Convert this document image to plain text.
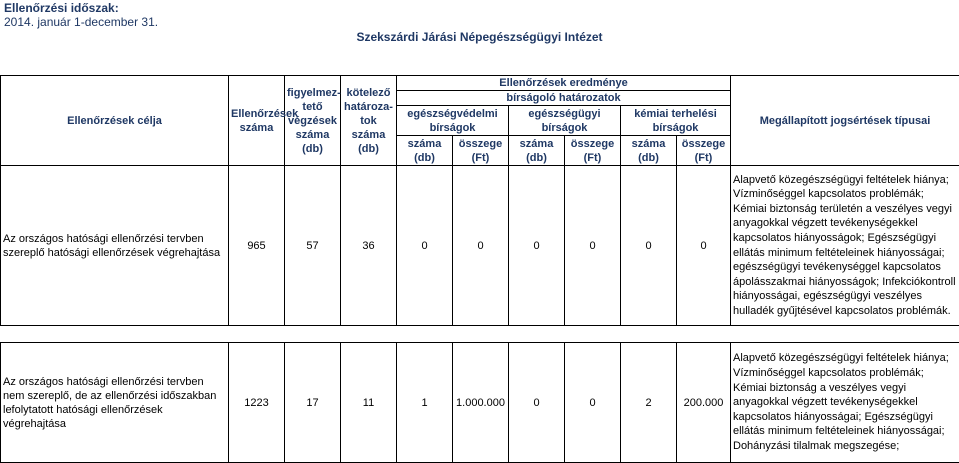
Ellenőrzési időszak:
2014. január 1-december 31.
Szekszárdi Járási Népegészségügyi Intézet
Ellenőrzések célja	Ellenőrzések száma	figyelmez-tető végzések száma (db)	kötelező határoza-tok száma (db)	Ellenőrzések eredménye						Megállapított jogsértések típusai
				bírságoló határozatok						
				egészségvédelmi bírságok		egészségügyi bírságok		kémiai terhelési bírságok		
				száma (db)	összege (Ft)	száma (db)	összege (Ft)	száma (db)	összege (Ft)	
Az országos hatósági ellenőrzési tervben szereplő hatósági ellenőrzések végrehajtása	965	57	36	0	0	0	0	0	0	Alapvető közegészségügyi feltételek hiánya; Vízminőséggel kapcsolatos problémák; Kémiai biztonság területén a veszélyes vegyi anyagokkal végzett tevékenységekkel kapcsolatos hiányosságok; Egészségügyi ellátás minimum feltételeinek hiányosságai; egészségügyi tevékenységgel kapcsolatos ápolásszakmai hiányosságok; Infekciókontroll hiányosságai, egészségügyi veszélyes hulladék gyűjtésével kapcsolatos problémák.

Az országos hatósági ellenőrzési tervben nem szereplő, de az ellenőrzési időszakban lefolytatott hatósági ellenőrzések végrehajtása	1223	17	11	1	1.000.000	0	0	2	200.000	Alapvető közegészségügyi feltételek hiánya; Vízminőséggel kapcsolatos problémák; Kémiai biztonság a veszélyes vegyi anyagokkal végzett tevékenységekkel kapcsolatos hiányosságai; Egészségügyi ellátás minimum feltételeinek hiányosságai; Dohányzási tilalmak megszegése;
